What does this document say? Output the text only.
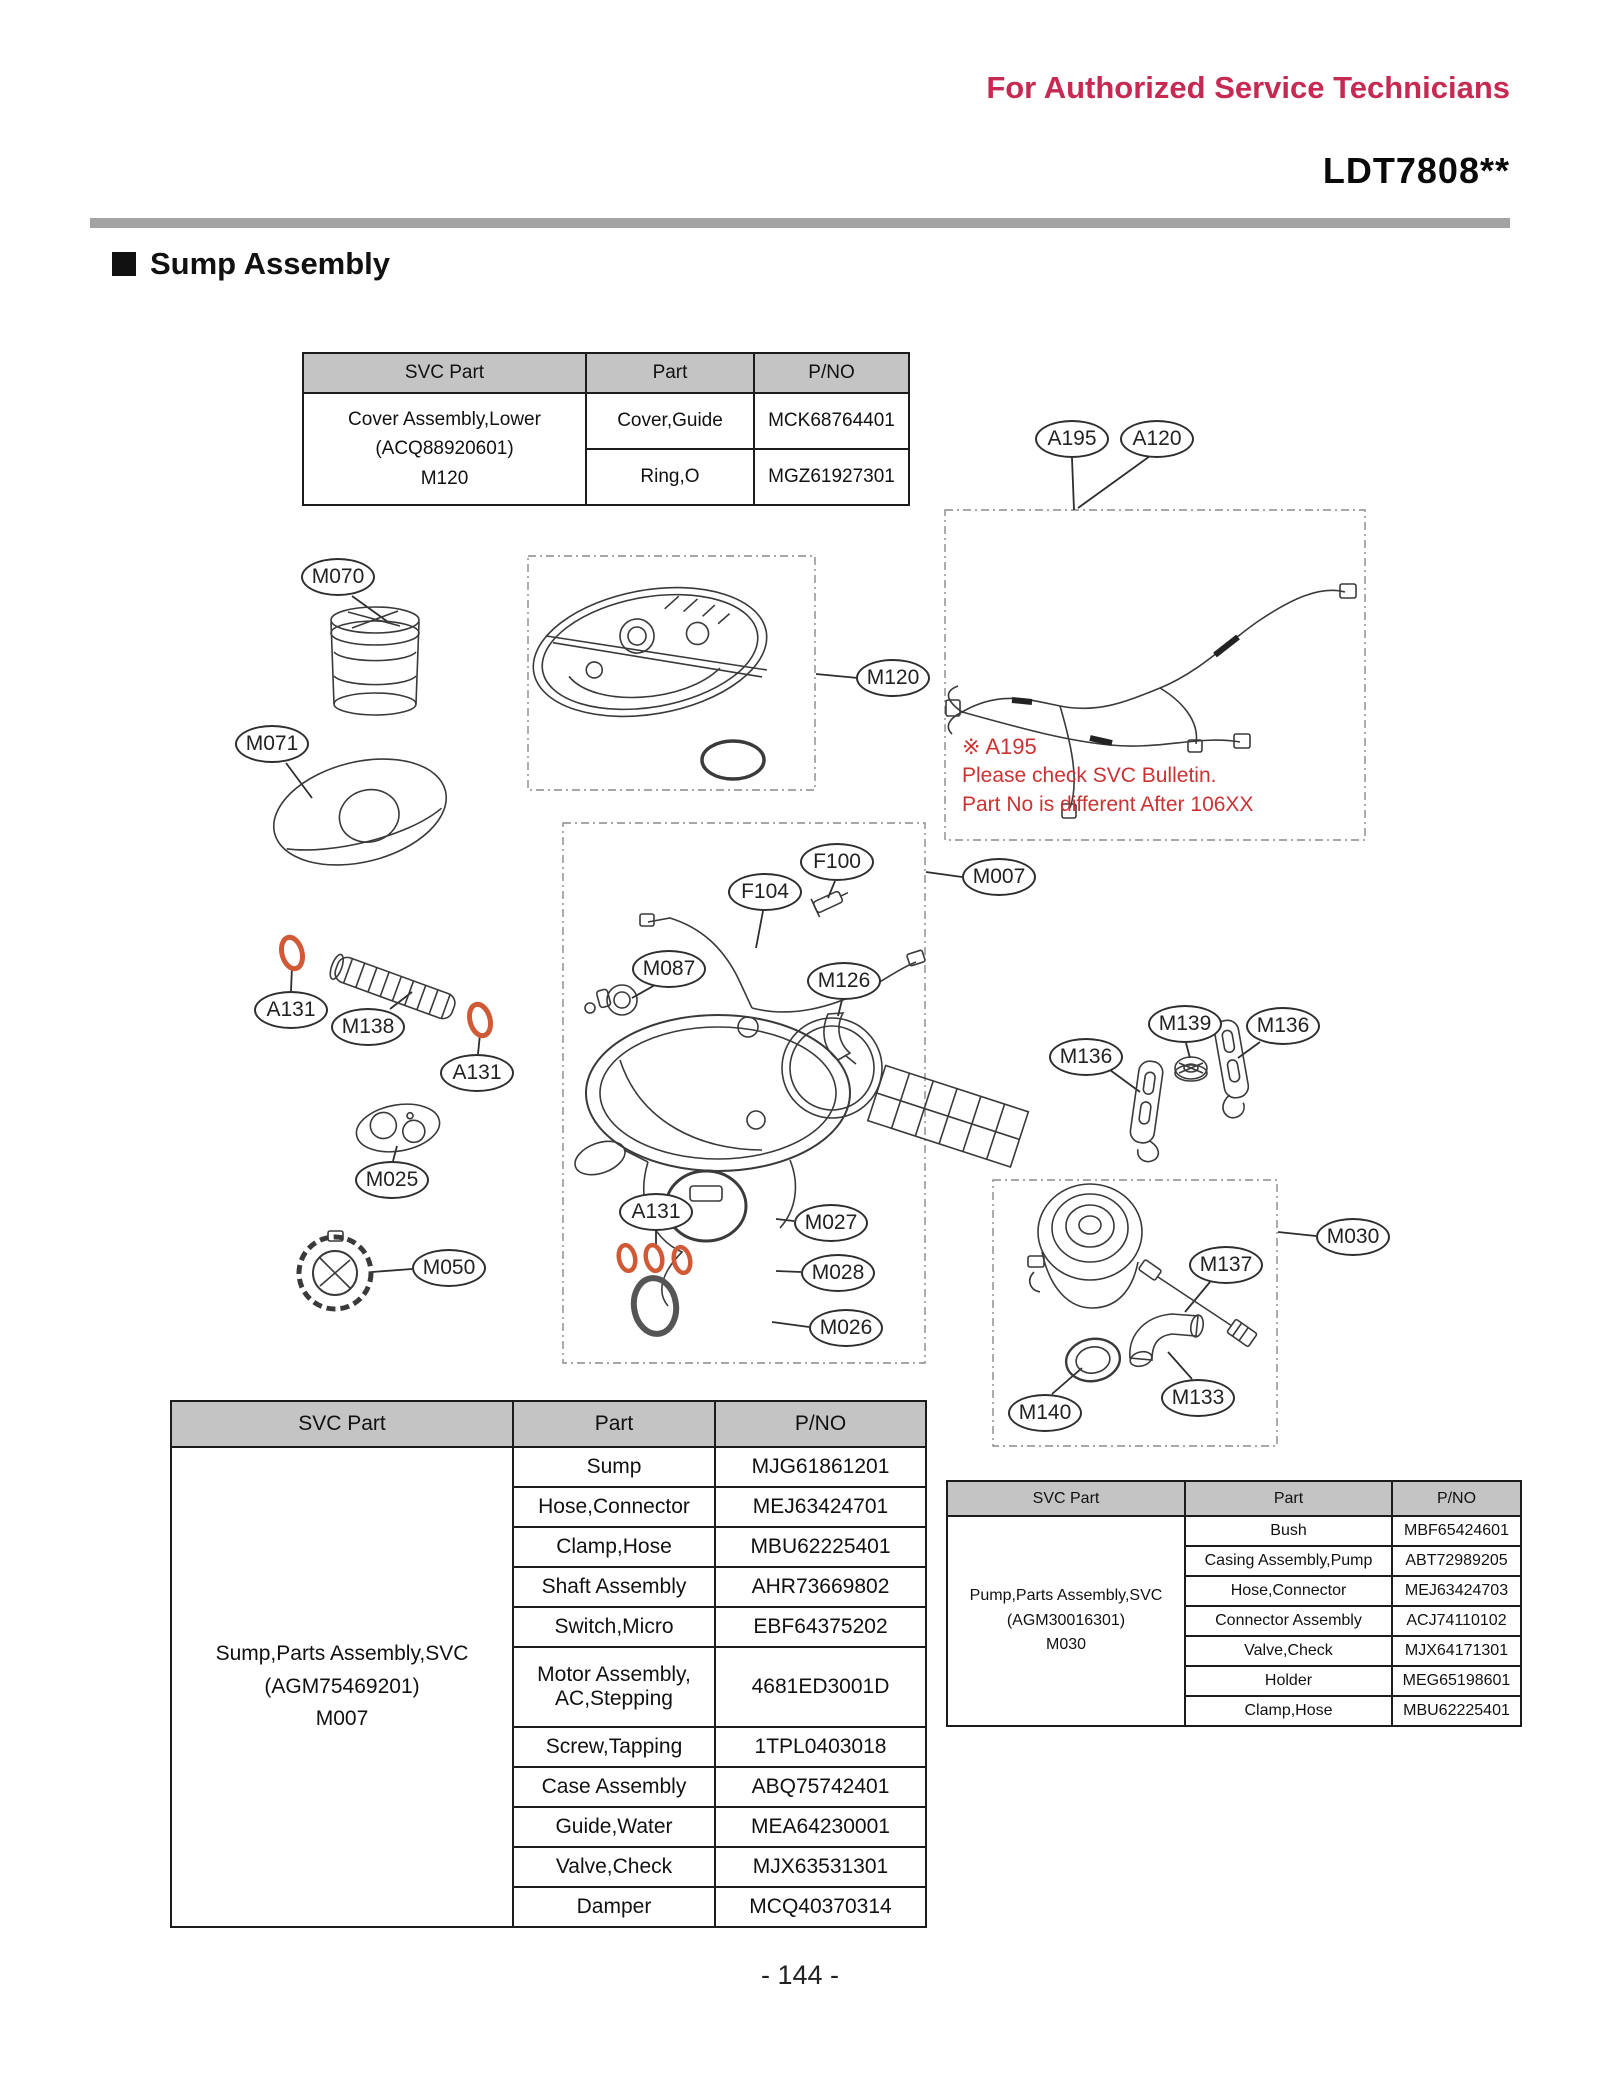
For Authorized Service Technicians
LDT7808**
Sump Assembly
A195	A120
M070
M071
M120
M007
F100
F104
M087
M126
A131
M138
A131
M136
M139	M136
M025
A131	M027
M028
M026
M050
M030
M137
M140
M133
※ A195
Please check SVC Bulletin.
Part No is different After 106XX
SVC Part	Part	P/NO

Cover Assembly,Lower
(ACQ88920601)
M120	Cover,Guide	MCK68764401
	Ring,O	MGZ61927301
SVC Part	Part	P/NO

Sump,Parts Assembly,SVC
(AGM75469201)
M007	Sump	MJG61861201
	Hose,Connector	MEJ63424701
	Clamp,Hose	MBU62225401
	Shaft Assembly	AHR73669802
	Switch,Micro	EBF64375202

	Motor Assembly,
AC,Stepping	4681ED3001D
	Screw,Tapping	1TPL0403018
	Case Assembly	ABQ75742401
	Guide,Water	MEA64230001
	Valve,Check	MJX63531301
	Damper	MCQ40370314
SVC Part	Part	P/NO

Pump,Parts Assembly,SVC
(AGM30016301)
M030	Bush	MBF65424601
	Casing Assembly,Pump	ABT72989205
	Hose,Connector	MEJ63424703
	Connector Assembly	ACJ74110102
	Valve,Check	MJX64171301
	Holder	MEG65198601
	Clamp,Hose	MBU62225401
- 144 -
